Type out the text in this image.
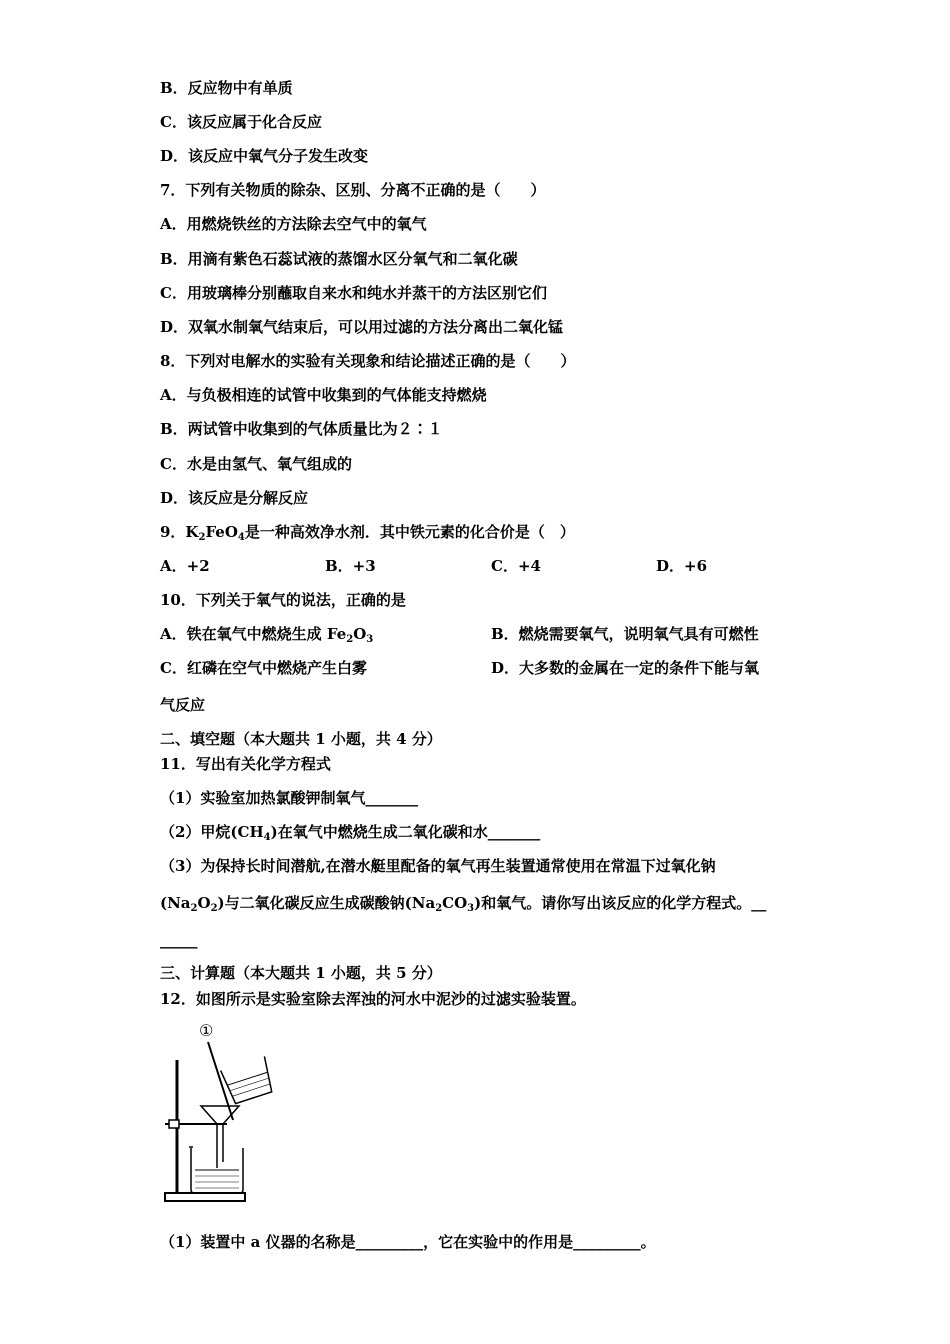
B．反应物中有单质
C．该反应属于化合反应
D．该反应中氧气分子发生改变
7．下列有关物质的除杂、区别、分离不正确的是（　　）
A．用燃烧铁丝的方法除去空气中的氧气
B．用滴有紫色石蕊试液的蒸馏水区分氧气和二氧化碳
C．用玻璃棒分别蘸取自来水和纯水并蒸干的方法区别它们
D．双氧水制氧气结束后，可以用过滤的方法分离出二氧化锰
8．下列对电解水的实验有关现象和结论描述正确的是（　　）
A．与负极相连的试管中收集到的气体能支持燃烧
B．两试管中收集到的气体质量比为２∶１
C．水是由氢气、氧气组成的
D．该反应是分解反应
9．$K_2FeO_4$是一种高效净水剂．其中铁元素的化合价是（　）
A．+2	B．+3	C．+4	D．+6
10．下列关于氧气的说法，正确的是
A．铁在氧气中燃烧生成 $Fe_2O_3$	B．燃烧需要氧气，说明氧气具有可燃性
C．红磷在空气中燃烧产生白雾	D．大多数的金属在一定的条件下能与氧
气反应
二、填空题（本大题共 1 小题，共 4 分）
11．写出有关化学方程式
（1）实验室加热氯酸钾制氧气_______
（2）甲烷$(CH_4)$在氧气中燃烧生成二氧化碳和水_______
（3）为保持长时间潜航,在潜水艇里配备的氧气再生装置通常使用在常温下过氧化钠
$(Na_2O_2)$与二氧化碳反应生成碳酸钠$(Na_2CO_3)$和氧气。请你写出该反应的化学方程式。__
_____
三、计算题（本大题共 1 小题，共 5 分）
12．如图所示是实验室除去浑浊的河水中泥沙的过滤实验装置。
①
（1）装置中 a 仪器的名称是_________，它在实验中的作用是_________。
